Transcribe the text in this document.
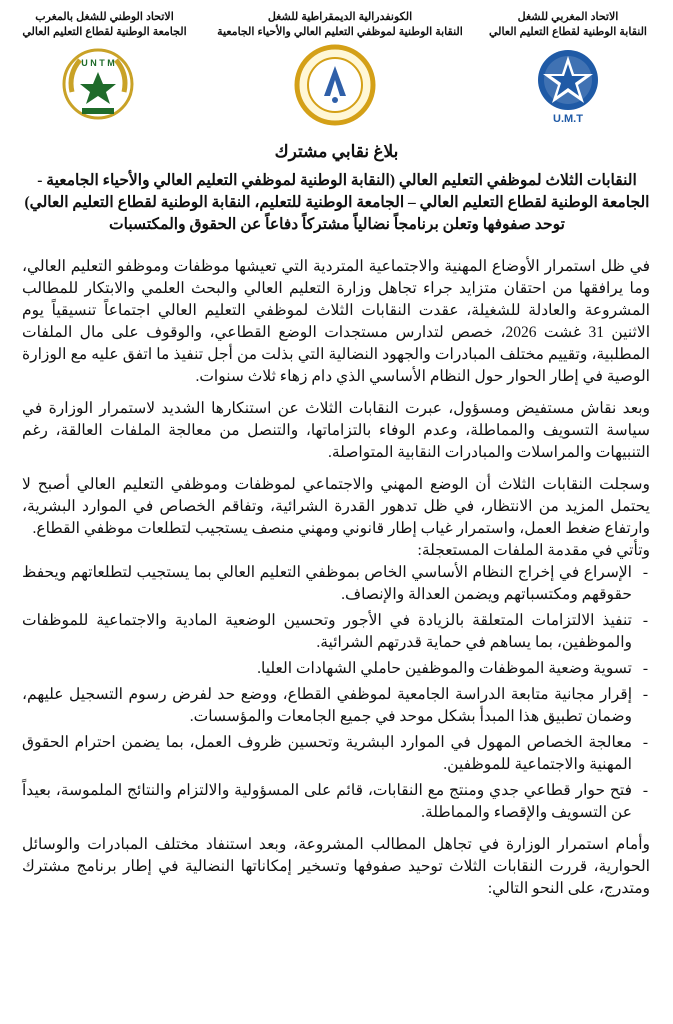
الاتحاد المغربي للشغل
النقابة الوطنية لقطاع التعليم العالي
الكونفدرالية الديمقراطية للشغل
النقابة الوطنية لموظفي التعليم العالي والأحياء الجامعية
الاتحاد الوطني للشغل بالمغرب
الجامعة الوطنية لقطاع التعليم العالي
U.M.T
U N T M
بلاغ نقابي مشترك
النقابات الثلاث لموظفي التعليم العالي (النقابة الوطنية لموظفي التعليم العالي والأحياء الجامعية - الجامعة الوطنية لقطاع التعليم العالي – الجامعة الوطنية للتعليم، النقابة الوطنية لقطاع التعليم العالي) توحد صفوفها وتعلن برنامجاً نضالياً مشتركاً دفاعاً عن الحقوق والمكتسبات

في ظل استمرار الأوضاع المهنية والاجتماعية المتردية التي تعيشها موظفات وموظفو التعليم العالي، وما يرافقها من احتقان متزايد جراء تجاهل وزارة التعليم العالي والبحث العلمي والابتكار للمطالب المشروعة والعادلة للشغيلة، عقدت النقابات الثلاث لموظفي التعليم العالي اجتماعاً تنسيقياً يوم الاثنين 31 غشت 2026، خصص لتدارس مستجدات الوضع القطاعي، والوقوف على مال الملفات المطلبية، وتقييم مختلف المبادرات والجهود النضالية التي بذلت من أجل تنفيذ ما اتفق عليه مع الوزارة الوصية في إطار الحوار حول النظام الأساسي الذي دام زهاء ثلاث سنوات.

وبعد نقاش مستفيض ومسؤول، عبرت النقابات الثلاث عن استنكارها الشديد لاستمرار الوزارة في سياسة التسويف والمماطلة، وعدم الوفاء بالتزاماتها، والتنصل من معالجة الملفات العالقة، رغم التنبيهات والمراسلات والمبادرات النقابية المتواصلة.

وسجلت النقابات الثلاث أن الوضع المهني والاجتماعي لموظفات وموظفي التعليم العالي أصبح لا يحتمل المزيد من الانتظار، في ظل تدهور القدرة الشرائية، وتفاقم الخصاص في الموارد البشرية، وارتفاع ضغط العمل، واستمرار غياب إطار قانوني ومهني منصف يستجيب لتطلعات موظفي القطاع.

وتأتي في مقدمة الملفات المستعجلة:

- الإسراع في إخراج النظام الأساسي الخاص بموظفي التعليم العالي بما يستجيب لتطلعاتهم ويحفظ حقوقهم ومكتسباتهم ويضمن العدالة والإنصاف.
- تنفيذ الالتزامات المتعلقة بالزيادة في الأجور وتحسين الوضعية المادية والاجتماعية للموظفات والموظفين، بما يساهم في حماية قدرتهم الشرائية.
- تسوية وضعية الموظفات والموظفين حاملي الشهادات العليا.
- إقرار مجانية متابعة الدراسة الجامعية لموظفي القطاع، ووضع حد لفرض رسوم التسجيل عليهم، وضمان تطبيق هذا المبدأ بشكل موحد في جميع الجامعات والمؤسسات.
- معالجة الخصاص المهول في الموارد البشرية وتحسين ظروف العمل، بما يضمن احترام الحقوق المهنية والاجتماعية للموظفين.
- فتح حوار قطاعي جدي ومنتج مع النقابات، قائم على المسؤولية والالتزام والنتائج الملموسة، بعيداً عن التسويف والإقصاء والمماطلة.

وأمام استمرار الوزارة في تجاهل المطالب المشروعة، وبعد استنفاد مختلف المبادرات والوسائل الحوارية، قررت النقابات الثلاث توحيد صفوفها وتسخير إمكاناتها النضالية في إطار برنامج مشترك ومتدرج، على النحو التالي:
